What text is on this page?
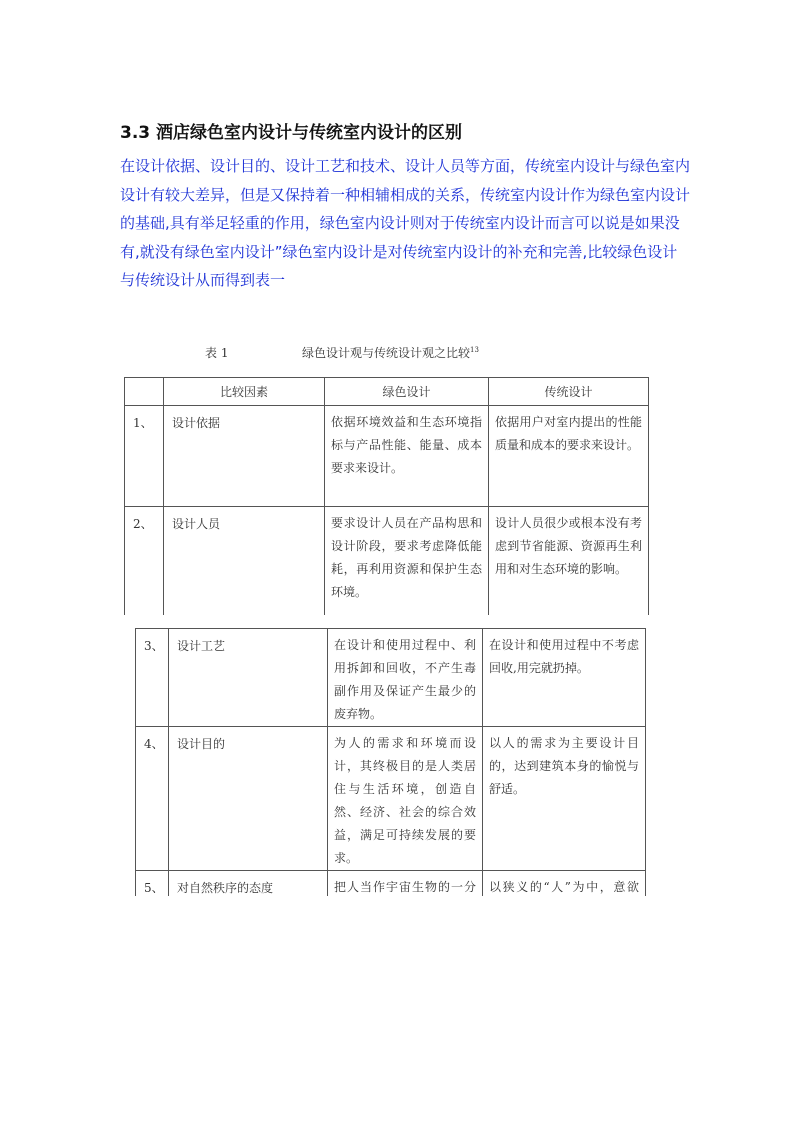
3.3 酒店绿色室内设计与传统室内设计的区别

在设计依据、设计目的、设计工艺和技术、设计人员等方面，传统室内设计与绿色室内设计有较大差异，但是又保持着一种相辅相成的关系，传统室内设计作为绿色室内设计的基础,具有举足轻重的作用，绿色室内设计则对于传统室内设计而言可以说是如果没有,就没有绿色室内设计”绿色室内设计是对传统室内设计的补充和完善,比较绿色设计与传统设计从而得到表一

表 1	绿色设计观与传统设计观之比较$^{13}$
	比较因素	绿色设计	传统设计

1、	设计依据	依据环境效益和生态环境指标与产品性能、能量、成本要求来设计。	依据用户对室内提出的性能质量和成本的要求来设计。

2、	设计人员	要求设计人员在产品构思和设计阶段，要求考虑降低能耗，再利用资源和保护生态环境。	设计人员很少或根本没有考虑到节省能源、资源再生利用和对生态环境的影响。
3、	设计工艺	在设计和使用过程中、利用拆卸和回收，不产生毒副作用及保证产生最少的废弃物。	在设计和使用过程中不考虑回收,用完就扔掉。

4、	设计目的	为人的需求和环境而设计，其终极目的是人类居住与生活环境，创造自然、经济、社会的综合效益，满足可持续发展的要求。	以人的需求为主要设计目的，达到建筑本身的愉悦与舒适。

5、	对自然秩序的态度	把人当作宇宙生物的一分	以狭义的“人”为中，意欲
